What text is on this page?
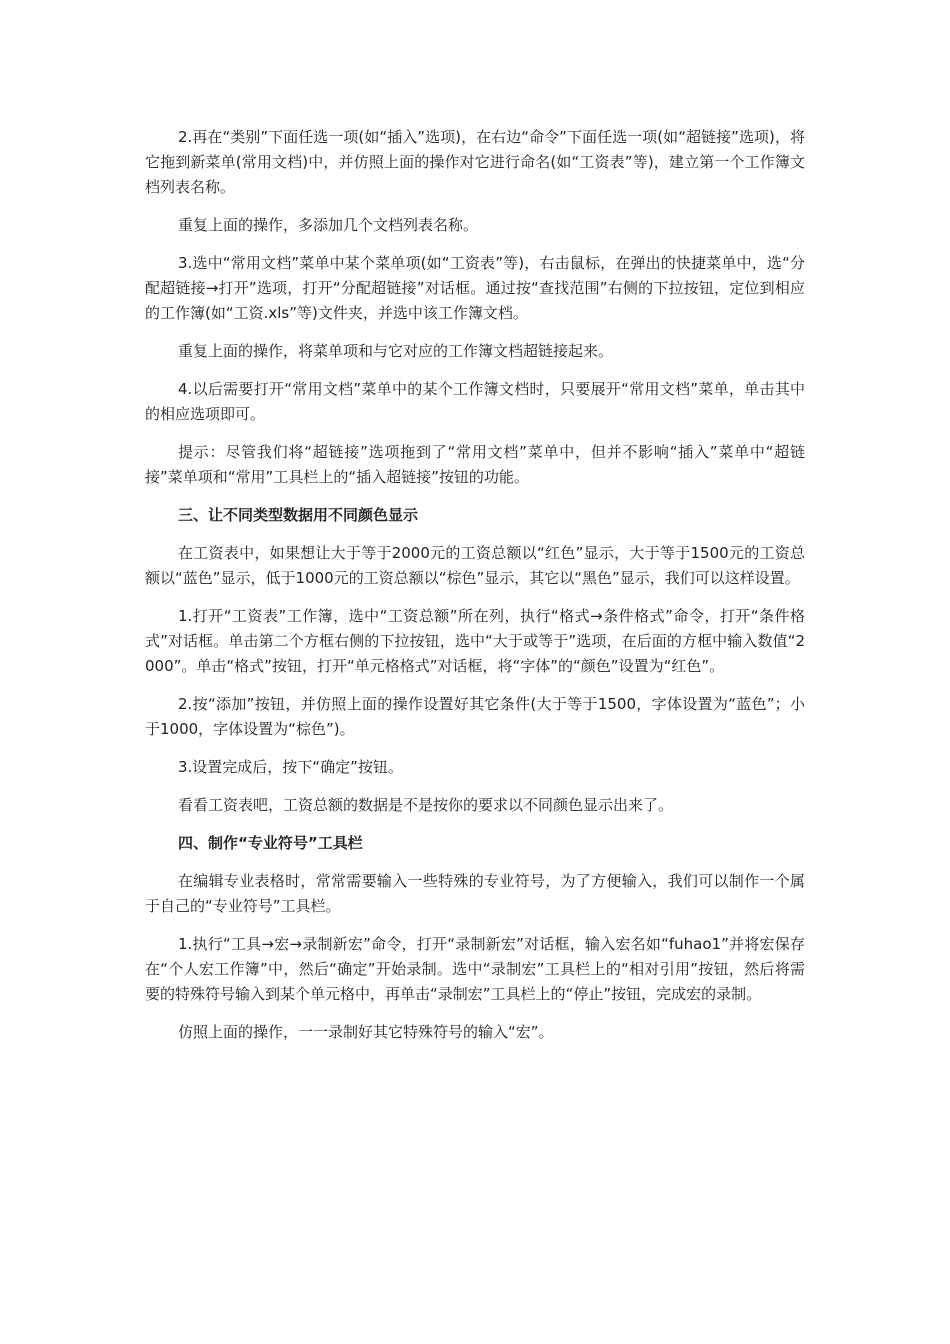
2.再在“类别”下面任选一项(如“插入”选项)，在右边“命令”下面任选一项(如“超链接”选项)，将它拖到新菜单(常用文档)中，并仿照上面的操作对它进行命名(如“工资表”等)，建立第一个工作簿文档列表名称。

重复上面的操作，多添加几个文档列表名称。

3.选中“常用文档”菜单中某个菜单项(如“工资表”等)，右击鼠标，在弹出的快捷菜单中，选“分配超链接→打开”选项，打开“分配超链接”对话框。通过按“查找范围”右侧的下拉按钮，定位到相应的工作簿(如“工资.xls”等)文件夹，并选中该工作簿文档。

重复上面的操作，将菜单项和与它对应的工作簿文档超链接起来。

4.以后需要打开“常用文档”菜单中的某个工作簿文档时，只要展开“常用文档”菜单，单击其中的相应选项即可。

提示：尽管我们将“超链接”选项拖到了“常用文档”菜单中，但并不影响“插入”菜单中“超链接”菜单项和“常用”工具栏上的“插入超链接”按钮的功能。

三、让不同类型数据用不同颜色显示

在工资表中，如果想让大于等于2000元的工资总额以“红色”显示，大于等于1500元的工资总额以“蓝色”显示，低于1000元的工资总额以“棕色”显示，其它以“黑色”显示，我们可以这样设置。

1.打开“工资表”工作簿，选中“工资总额”所在列，执行“格式→条件格式”命令，打开“条件格式”对话框。单击第二个方框右侧的下拉按钮，选中“大于或等于”选项，在后面的方框中输入数值“2000”。单击“格式”按钮，打开“单元格格式”对话框，将“字体”的“颜色”设置为“红色”。

2.按“添加”按钮，并仿照上面的操作设置好其它条件(大于等于1500，字体设置为“蓝色”；小于1000，字体设置为“棕色”)。

3.设置完成后，按下“确定”按钮。

看看工资表吧，工资总额的数据是不是按你的要求以不同颜色显示出来了。

四、制作“专业符号”工具栏

在编辑专业表格时，常常需要输入一些特殊的专业符号，为了方便输入，我们可以制作一个属于自己的“专业符号”工具栏。

1.执行“工具→宏→录制新宏”命令，打开“录制新宏”对话框，输入宏名如“fuhao1”并将宏保存在“个人宏工作簿”中，然后“确定”开始录制。选中“录制宏”工具栏上的“相对引用”按钮，然后将需要的特殊符号输入到某个单元格中，再单击“录制宏”工具栏上的“停止”按钮，完成宏的录制。

仿照上面的操作，一一录制好其它特殊符号的输入“宏”。
